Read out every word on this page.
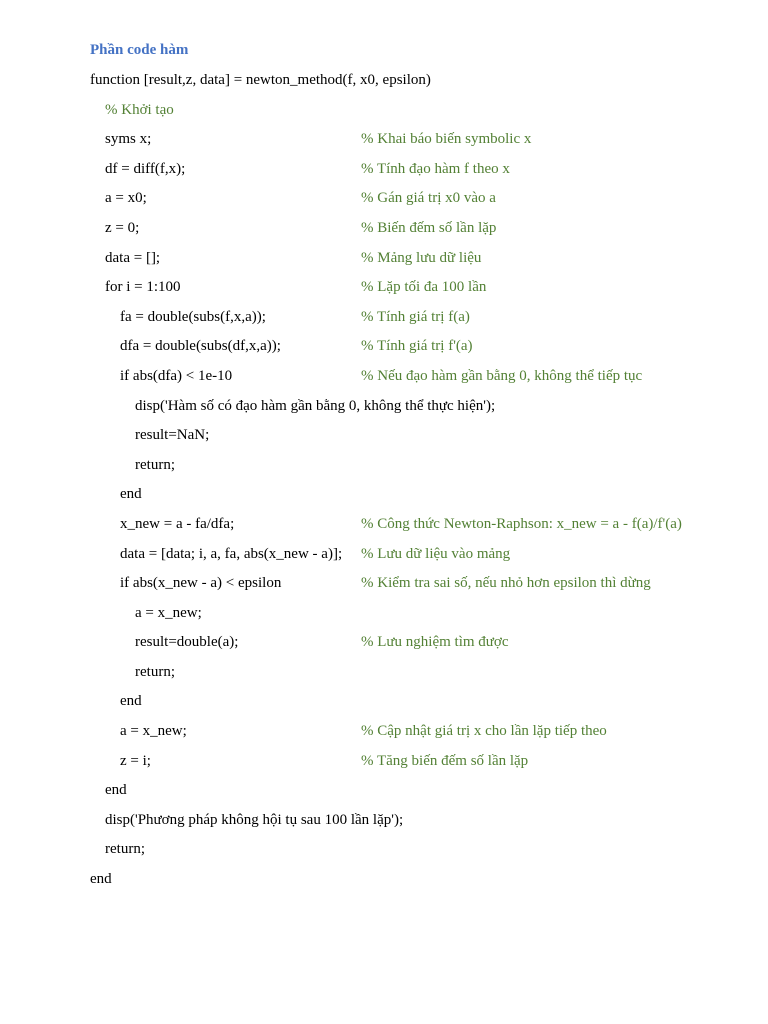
Phần code hàm
function [result,z, data] = newton_method(f, x0, epsilon)
% Khởi tạo
syms x;	% Khai báo biến symbolic x
df = diff(f,x);	% Tính đạo hàm f theo x
a = x0;	% Gán giá trị x0 vào a
z = 0;	% Biến đếm số lần lặp
data = [];	% Mảng lưu dữ liệu
for i = 1:100	% Lặp tối đa 100 lần
fa = double(subs(f,x,a));	% Tính giá trị f(a)
dfa = double(subs(df,x,a));	% Tính giá trị f'(a)
if abs(dfa) < 1e-10	% Nếu đạo hàm gần bằng 0, không thể tiếp tục
disp('Hàm số có đạo hàm gần bằng 0, không thể thực hiện');
result=NaN;
return;
end
x_new = a - fa/dfa;	% Công thức Newton-Raphson: x_new = a - f(a)/f'(a)
data = [data; i, a, fa, abs(x_new - a)]; % Lưu dữ liệu vào mảng
if abs(x_new - a) < epsilon	% Kiểm tra sai số, nếu nhỏ hơn epsilon thì dừng
a = x_new;
result=double(a);	% Lưu nghiệm tìm được
return;
end
a = x_new;	% Cập nhật giá trị x cho lần lặp tiếp theo
z = i;	% Tăng biến đếm số lần lặp
end
disp('Phương pháp không hội tụ sau 100 lần lặp');
return;
end
